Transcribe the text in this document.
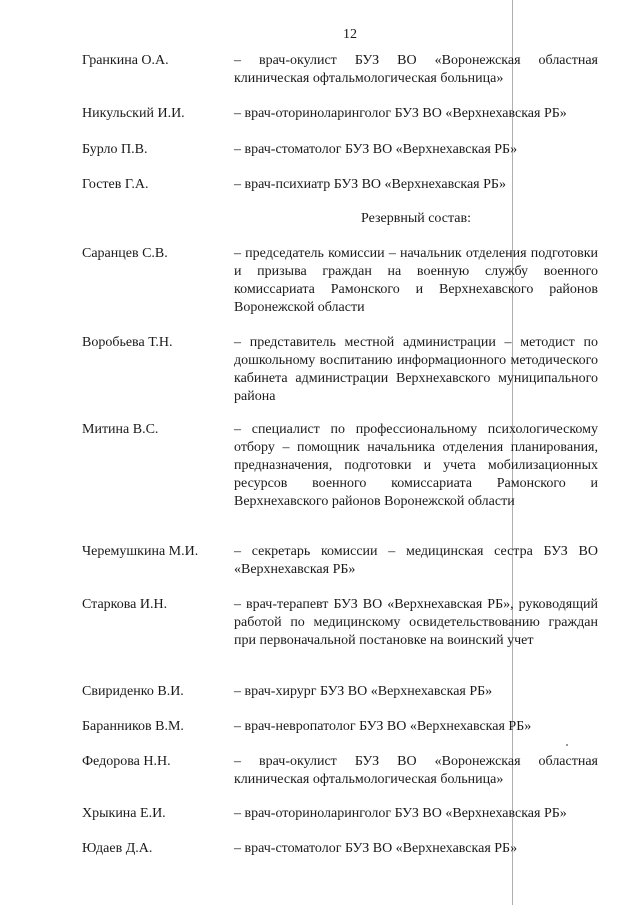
12
Гранкина О.А.	– врач-окулист БУЗ ВО «Воронежская областная клиническая офтальмологическая больница»
Никульский И.И.	– врач-оториноларинголог БУЗ ВО «Верхнехавская РБ»
Бурло П.В.	– врач-стоматолог БУЗ ВО «Верхнехавская РБ»
Гостев Г.А.	– врач-психиатр БУЗ ВО «Верхнехавская РБ»
Резервный состав:
Саранцев С.В.	– председатель комиссии – начальник отделения подготовки и призыва граждан на военную службу военного комиссариата Рамонского и Верхнехавского районов Воронежской области
Воробьева Т.Н.	– представитель местной администрации – методист по дошкольному воспитанию информационного методического кабинета администрации Верхнехавского муниципального района
Митина В.С.	– специалист по профессиональному психологическому отбору – помощник начальника отделения планирования, предназначения, подготовки и учета мобилизационных ресурсов военного комиссариата Рамонского и Верхнехавского районов Воронежской области
Черемушкина М.И.	– секретарь комиссии – медицинская сестра БУЗ ВО «Верхнехавская РБ»
Старкова И.Н.	– врач-терапевт БУЗ ВО «Верхнехавская РБ», руководящий работой по медицинскому освидетельствованию граждан при первоначальной постановке на воинский учет
Свириденко В.И.	– врач-хирург БУЗ ВО «Верхнехавская РБ»
Баранников В.М.	– врач-невропатолог БУЗ ВО «Верхнехавская РБ»
Федорова Н.Н.	– врач-окулист БУЗ ВО «Воронежская областная клиническая офтальмологическая больница»
Хрыкина Е.И.	– врач-оториноларинголог БУЗ ВО «Верхнехавская РБ»
Юдаев Д.А.	– врач-стоматолог БУЗ ВО «Верхнехавская РБ»
